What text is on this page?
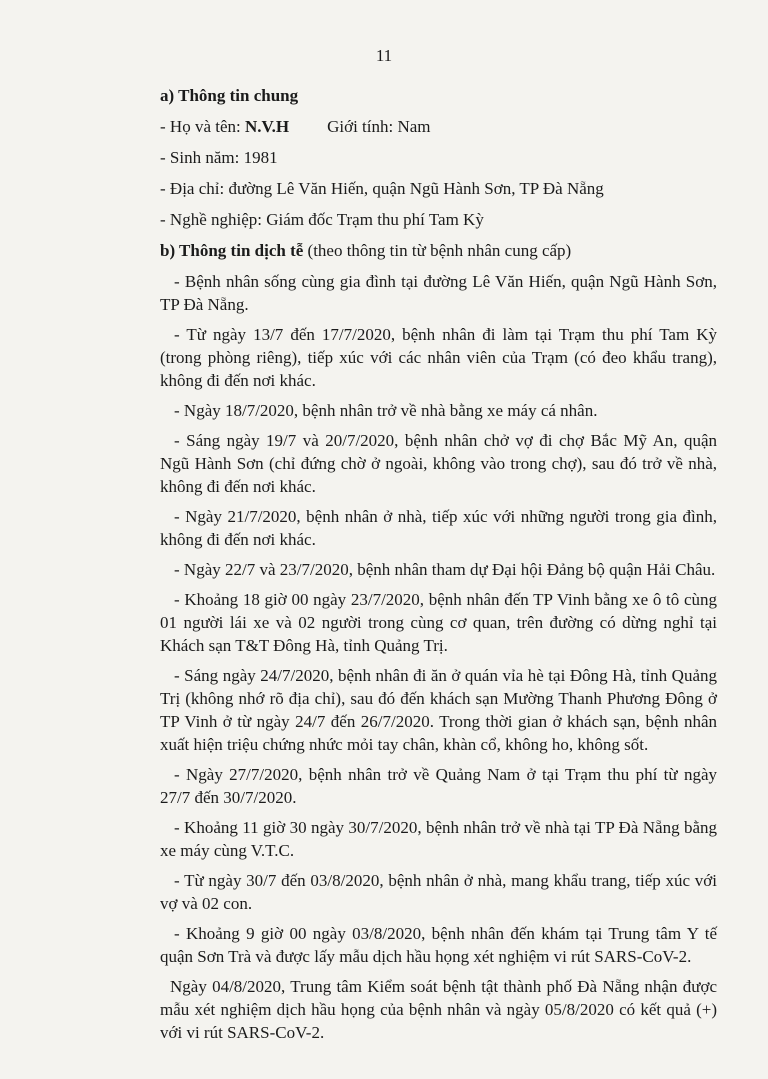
11

a) Thông tin chung

- Họ và tên: N.V.H Giới tính: Nam

- Sinh năm: 1981

- Địa chỉ: đường Lê Văn Hiến, quận Ngũ Hành Sơn, TP Đà Nẵng

- Nghề nghiệp: Giám đốc Trạm thu phí Tam Kỳ

b) Thông tin dịch tễ (theo thông tin từ bệnh nhân cung cấp)

- Bệnh nhân sống cùng gia đình tại đường Lê Văn Hiến, quận Ngũ Hành Sơn, TP Đà Nẵng.

- Từ ngày 13/7 đến 17/7/2020, bệnh nhân đi làm tại Trạm thu phí Tam Kỳ (trong phòng riêng), tiếp xúc với các nhân viên của Trạm (có đeo khẩu trang), không đi đến nơi khác.

- Ngày 18/7/2020, bệnh nhân trở về nhà bằng xe máy cá nhân.

- Sáng ngày 19/7 và 20/7/2020, bệnh nhân chở vợ đi chợ Bắc Mỹ An, quận Ngũ Hành Sơn (chỉ đứng chờ ở ngoài, không vào trong chợ), sau đó trở về nhà, không đi đến nơi khác.

- Ngày 21/7/2020, bệnh nhân ở nhà, tiếp xúc với những người trong gia đình, không đi đến nơi khác.

- Ngày 22/7 và 23/7/2020, bệnh nhân tham dự Đại hội Đảng bộ quận Hải Châu.

- Khoảng 18 giờ 00 ngày 23/7/2020, bệnh nhân đến TP Vinh bằng xe ô tô cùng 01 người lái xe và 02 người trong cùng cơ quan, trên đường có dừng nghỉ tại Khách sạn T&T Đông Hà, tỉnh Quảng Trị.

- Sáng ngày 24/7/2020, bệnh nhân đi ăn ở quán vỉa hè tại Đông Hà, tỉnh Quảng Trị (không nhớ rõ địa chỉ), sau đó đến khách sạn Mường Thanh Phương Đông ở TP Vinh ở từ ngày 24/7 đến 26/7/2020. Trong thời gian ở khách sạn, bệnh nhân xuất hiện triệu chứng nhức mỏi tay chân, khàn cổ, không ho, không sốt.

- Ngày 27/7/2020, bệnh nhân trở về Quảng Nam ở tại Trạm thu phí từ ngày 27/7 đến 30/7/2020.

- Khoảng 11 giờ 30 ngày 30/7/2020, bệnh nhân trở về nhà tại TP Đà Nẵng bằng xe máy cùng V.T.C.

- Từ ngày 30/7 đến 03/8/2020, bệnh nhân ở nhà, mang khẩu trang, tiếp xúc với vợ và 02 con.

- Khoảng 9 giờ 00 ngày 03/8/2020, bệnh nhân đến khám tại Trung tâm Y tế quận Sơn Trà và được lấy mẫu dịch hầu họng xét nghiệm vi rút SARS-CoV-2.

Ngày 04/8/2020, Trung tâm Kiểm soát bệnh tật thành phố Đà Nẵng nhận được mẫu xét nghiệm dịch hầu họng của bệnh nhân và ngày 05/8/2020 có kết quả (+) với vi rút SARS-CoV-2.
